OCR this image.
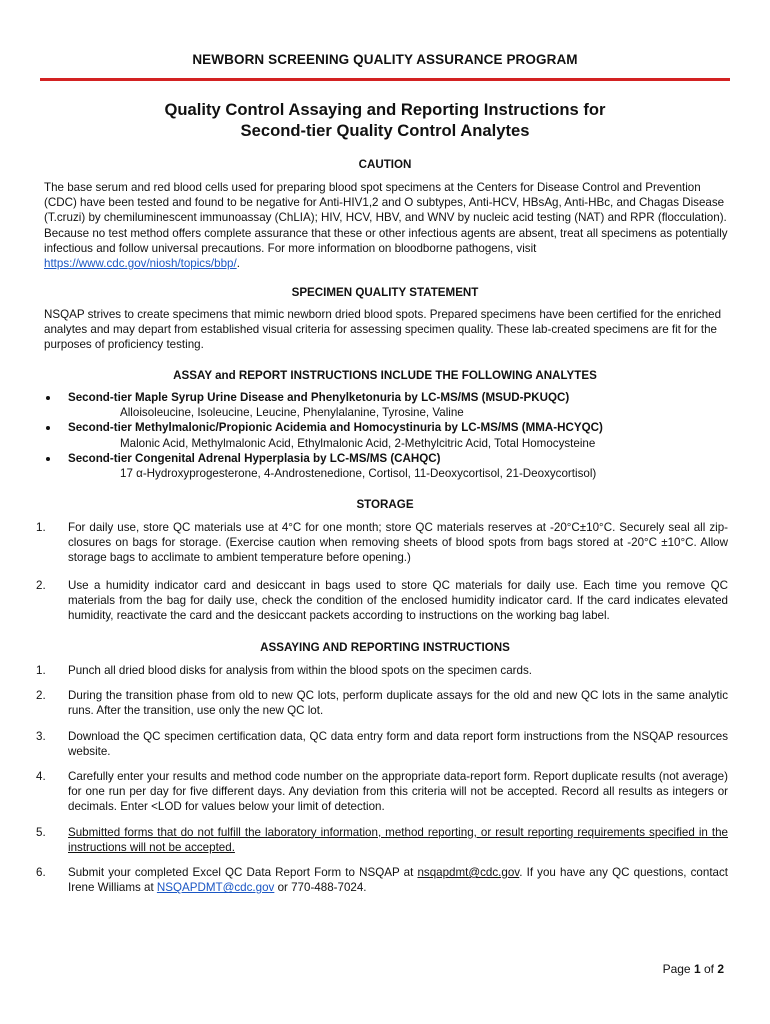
NEWBORN SCREENING QUALITY ASSURANCE PROGRAM
Quality Control Assaying and Reporting Instructions for
Second-tier Quality Control Analytes
CAUTION
The base serum and red blood cells used for preparing blood spot specimens at the Centers for Disease Control and Prevention (CDC) have been tested and found to be negative for Anti-HIV1,2 and O subtypes, Anti-HCV, HBsAg, Anti-HBc, and Chagas Disease (T.cruzi) by chemiluminescent immunoassay (ChLIA); HIV, HCV, HBV, and WNV by nucleic acid testing (NAT) and RPR (flocculation). Because no test method offers complete assurance that these or other infectious agents are absent, treat all specimens as potentially infectious and follow universal precautions. For more information on bloodborne pathogens, visit https://www.cdc.gov/niosh/topics/bbp/.
SPECIMEN QUALITY STATEMENT
NSQAP strives to create specimens that mimic newborn dried blood spots. Prepared specimens have been certified for the enriched analytes and may depart from established visual criteria for assessing specimen quality. These lab-created specimens are fit for the purposes of proficiency testing.
ASSAY and REPORT INSTRUCTIONS INCLUDE THE FOLLOWING ANALYTES
Second-tier Maple Syrup Urine Disease and Phenylketonuria by LC-MS/MS (MSUD-PKUQC)
Alloisoleucine, Isoleucine, Leucine, Phenylalanine, Tyrosine, Valine
Second-tier Methylmalonic/Propionic Acidemia and Homocystinuria by LC-MS/MS (MMA-HCYQC)
Malonic Acid, Methylmalonic Acid, Ethylmalonic Acid, 2-Methylcitric Acid, Total Homocysteine
Second-tier Congenital Adrenal Hyperplasia by LC-MS/MS (CAHQC)
17 α-Hydroxyprogesterone, 4-Androstenedione, Cortisol, 11-Deoxycortisol, 21-Deoxycortisol)
STORAGE
1. For daily use, store QC materials use at 4°C for one month; store QC materials reserves at -20°C±10°C. Securely seal all zip-closures on bags for storage. (Exercise caution when removing sheets of blood spots from bags stored at -20°C ±10°C. Allow storage bags to acclimate to ambient temperature before opening.)
2. Use a humidity indicator card and desiccant in bags used to store QC materials for daily use. Each time you remove QC materials from the bag for daily use, check the condition of the enclosed humidity indicator card. If the card indicates elevated humidity, reactivate the card and the desiccant packets according to instructions on the working bag label.
ASSAYING AND REPORTING INSTRUCTIONS
1. Punch all dried blood disks for analysis from within the blood spots on the specimen cards.
2. During the transition phase from old to new QC lots, perform duplicate assays for the old and new QC lots in the same analytic runs. After the transition, use only the new QC lot.
3. Download the QC specimen certification data, QC data entry form and data report form instructions from the NSQAP resources website.
4. Carefully enter your results and method code number on the appropriate data-report form. Report duplicate results (not average) for one run per day for five different days. Any deviation from this criteria will not be accepted. Record all results as integers or decimals. Enter <LOD for values below your limit of detection.
5. Submitted forms that do not fulfill the laboratory information, method reporting, or result reporting requirements specified in the instructions will not be accepted.
6. Submit your completed Excel QC Data Report Form to NSQAP at nsqapdmt@cdc.gov. If you have any QC questions, contact Irene Williams at NSQAPDMT@cdc.gov or 770-488-7024.
Page 1 of 2
